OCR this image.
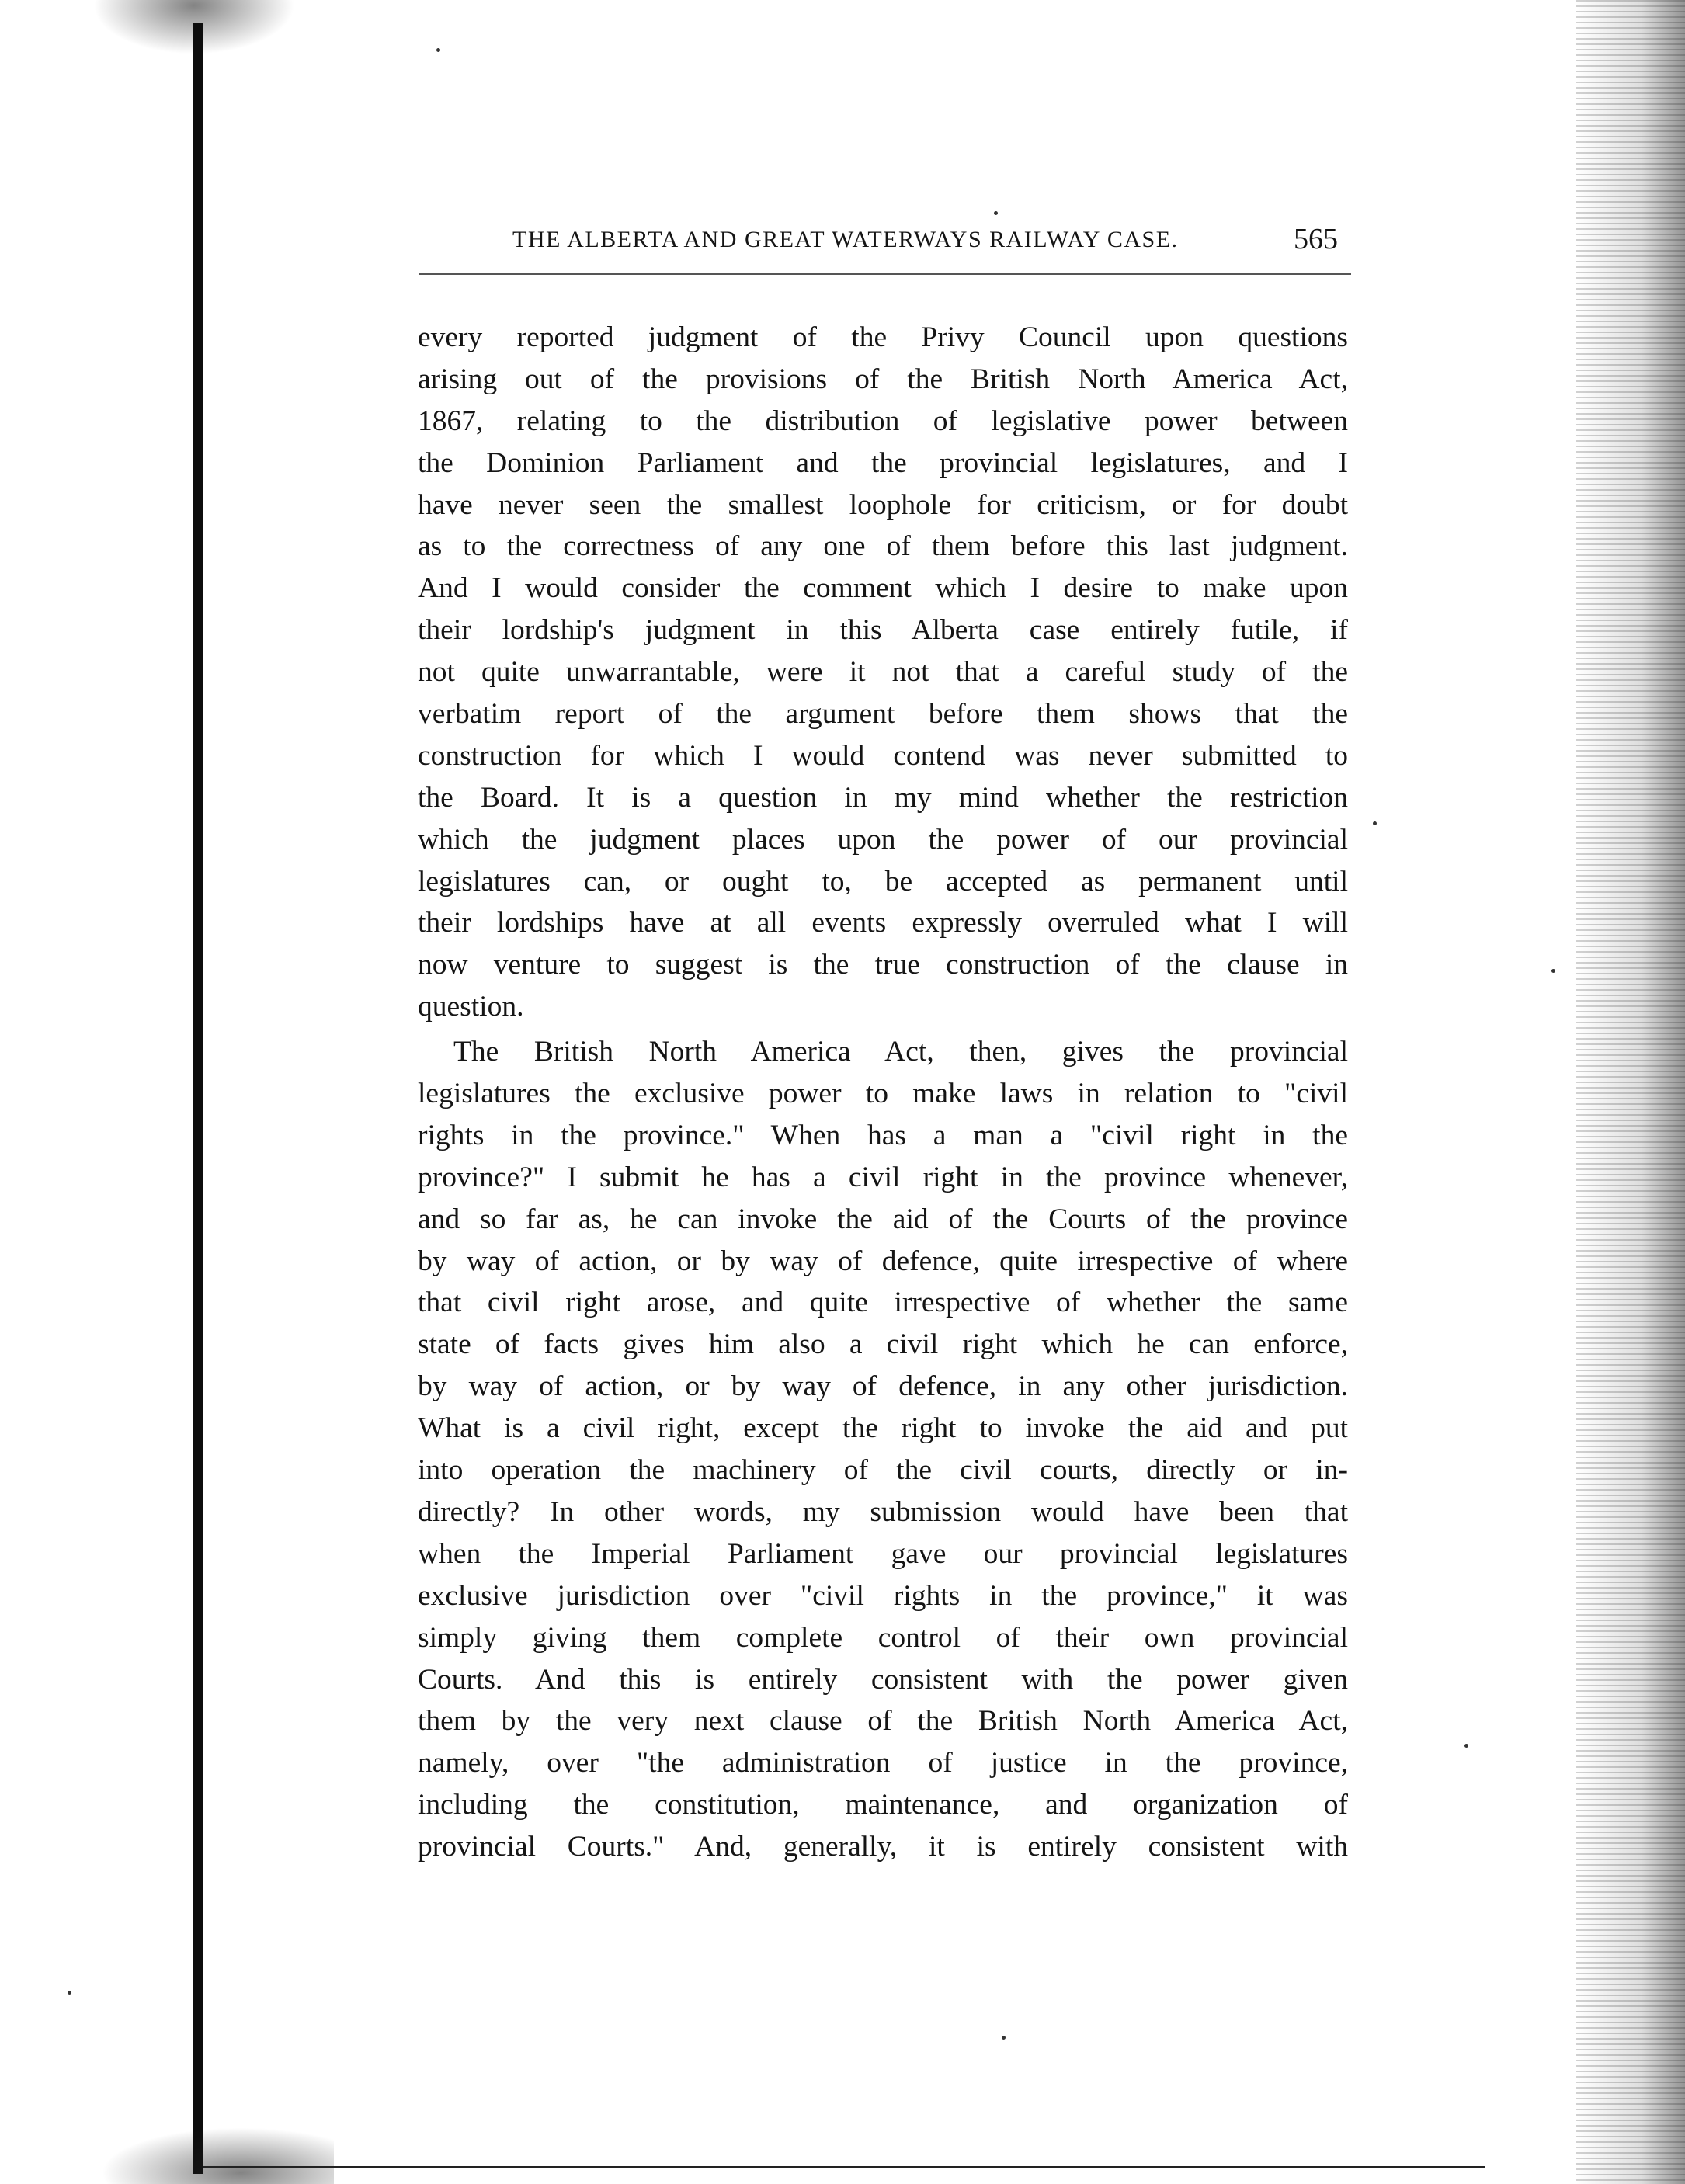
THE ALBERTA AND GREAT WATERWAYS RAILWAY CASE.	565
every reported judgment of the Privy Council upon questions
arising out of the provisions of the British North America Act,
1867, relating to the distribution of legislative power between
the Dominion Parliament and the provincial legislatures, and I
have never seen the smallest loophole for criticism, or for doubt
as to the correctness of any one of them before this last judgment.
And I would consider the comment which I desire to make upon
their lordship's judgment in this Alberta case entirely futile, if
not quite unwarrantable, were it not that a careful study of the
verbatim report of the argument before them shows that the
construction for which I would contend was never submitted to
the Board. It is a question in my mind whether the restriction
which the judgment places upon the power of our provincial
legislatures can, or ought to, be accepted as permanent until
their lordships have at all events expressly overruled what I will
now venture to suggest is the true construction of the clause in
question.
The British North America Act, then, gives the provincial
legislatures the exclusive power to make laws in relation to "civil
rights in the province." When has a man a "civil right in the
province?" I submit he has a civil right in the province whenever,
and so far as, he can invoke the aid of the Courts of the province
by way of action, or by way of defence, quite irrespective of where
that civil right arose, and quite irrespective of whether the same
state of facts gives him also a civil right which he can enforce,
by way of action, or by way of defence, in any other jurisdiction.
What is a civil right, except the right to invoke the aid and put
into operation the machinery of the civil courts, directly or in-
directly? In other words, my submission would have been that
when the Imperial Parliament gave our provincial legislatures
exclusive jurisdiction over "civil rights in the province," it was
simply giving them complete control of their own provincial
Courts. And this is entirely consistent with the power given
them by the very next clause of the British North America Act,
namely, over "the administration of justice in the province,
including the constitution, maintenance, and organization of
provincial Courts." And, generally, it is entirely consistent with
